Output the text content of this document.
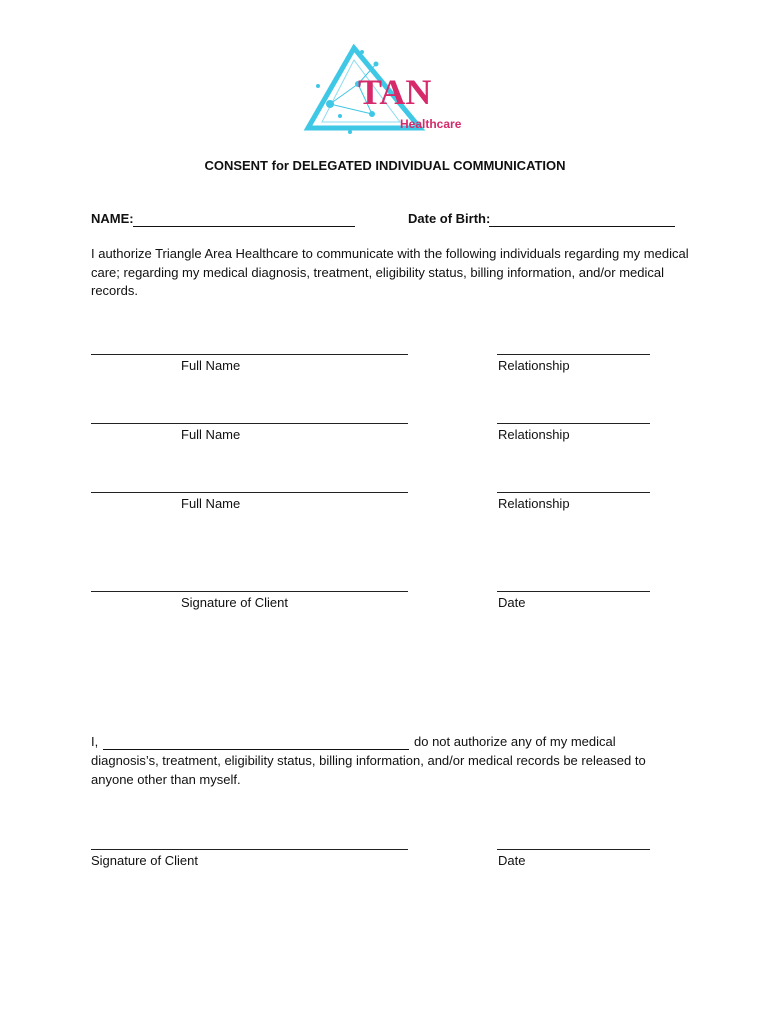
TAN
Healthcare
CONSENT for DELEGATED INDIVIDUAL COMMUNICATION
NAME:	Date of Birth:
I authorize Triangle Area Healthcare to communicate with the following individuals regarding my medical care; regarding my medical diagnosis, treatment, eligibility status, billing information, and/or medical records.
Full Name	Relationship
Full Name	Relationship
Full Name	Relationship
Signature of Client	Date
I,	do not authorize any of my medical
diagnosis’s, treatment, eligibility status, billing information, and/or medical records be released to anyone other than myself.
Signature of Client	Date
